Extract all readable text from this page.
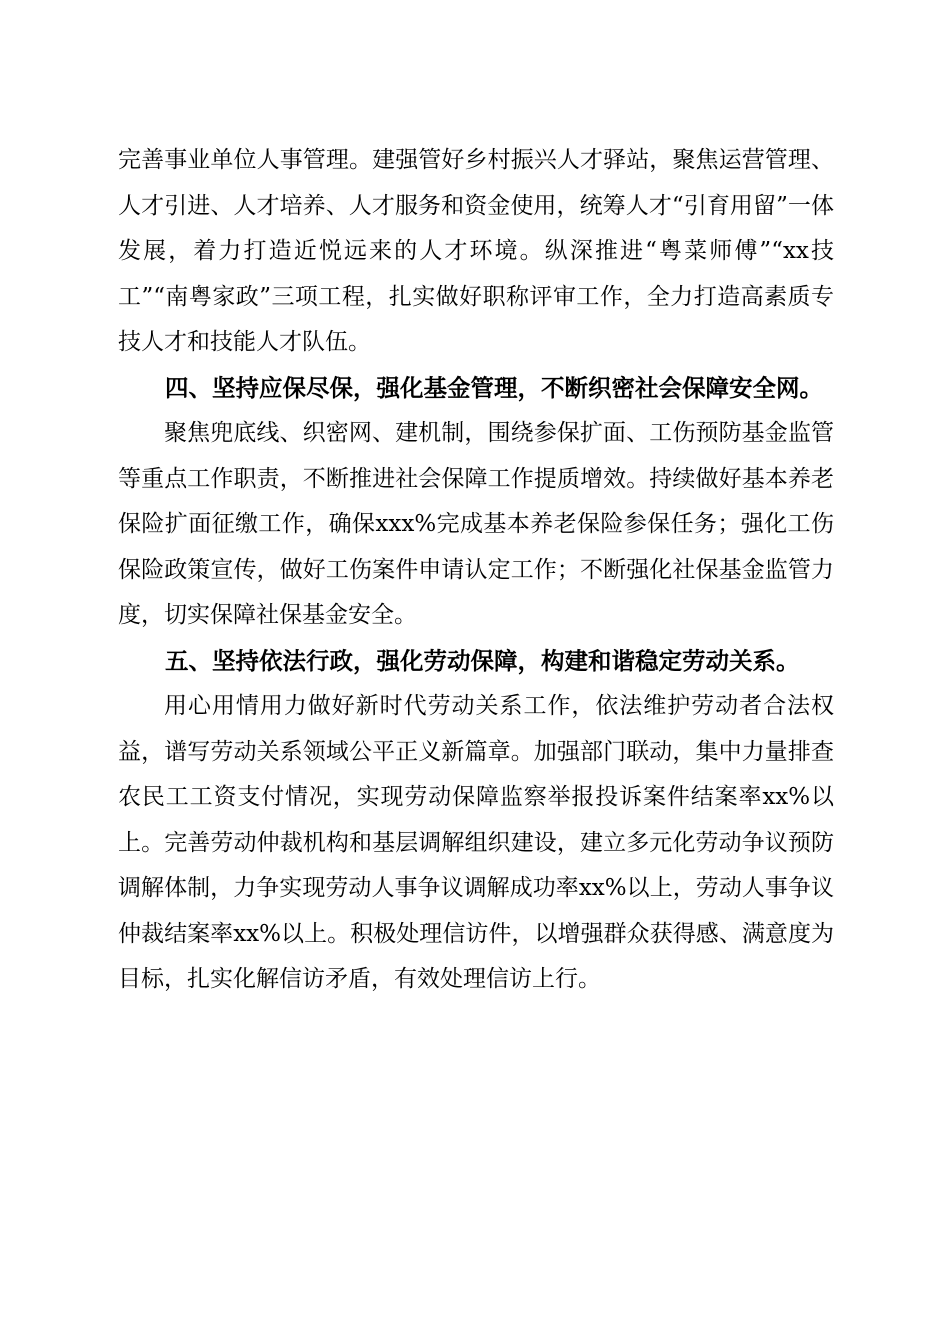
完善事业单位人事管理。建强管好乡村振兴人才驿站，聚焦运营管理、人才引进、人才培养、人才服务和资金使用，统筹人才“引育用留”一体发展，着力打造近悦远来的人才环境。纵深推进“粤菜师傅”“xx技工”“南粤家政”三项工程，扎实做好职称评审工作，全力打造高素质专技人才和技能人才队伍。

四、坚持应保尽保，强化基金管理，不断织密社会保障安全网。

聚焦兜底线、织密网、建机制，围绕参保扩面、工伤预防基金监管等重点工作职责，不断推进社会保障工作提质增效。持续做好基本养老保险扩面征缴工作，确保xxx%完成基本养老保险参保任务；强化工伤保险政策宣传，做好工伤案件申请认定工作；不断强化社保基金监管力度，切实保障社保基金安全。

五、坚持依法行政，强化劳动保障，构建和谐稳定劳动关系。

用心用情用力做好新时代劳动关系工作，依法维护劳动者合法权益，谱写劳动关系领域公平正义新篇章。加强部门联动，集中力量排查农民工工资支付情况，实现劳动保障监察举报投诉案件结案率xx%以上。完善劳动仲裁机构和基层调解组织建设，建立多元化劳动争议预防调解体制，力争实现劳动人事争议调解成功率xx%以上，劳动人事争议仲裁结案率xx%以上。积极处理信访件，以增强群众获得感、满意度为目标，扎实化解信访矛盾，有效处理信访上行。
